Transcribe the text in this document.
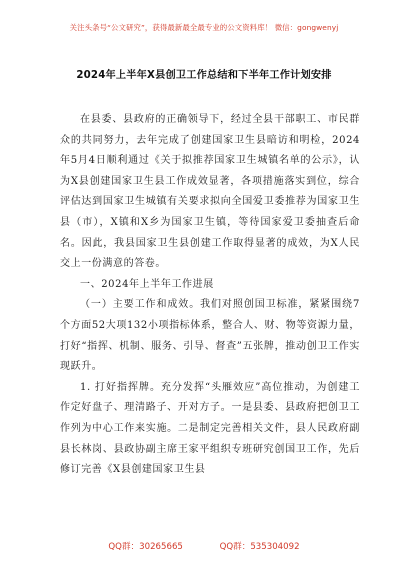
关注头条号“公文研究”，获得最新最全最专业的公文资料库！ 微信：gongwenyj
2024年上半年X县创卫工作总结和下半年工作计划安排

在县委、县政府的正确领导下，经过全县干部职工、市民群众的共同努力，去年完成了创建国家卫生县暗访和明检，2024年5月4日顺利通过《关于拟推荐国家卫生城镇名单的公示》，认为X县创建国家卫生县工作成效显著，各项措施落实到位，综合评估达到国家卫生城镇有关要求拟向全国爱卫委推荐为国家卫生县（市），X镇和X乡为国家卫生镇，等待国家爱卫委抽查后命名。因此，我县国家卫生县创建工作取得显著的成效，为X人民交上一份满意的答卷。

一、2024年上半年工作进展

（一）主要工作和成效。我们对照创国卫标准，紧紧围绕7个方面52大项132小项指标体系，整合人、财、物等资源力量，打好“指挥、机制、服务、引导、督查”五张牌，推动创卫工作实现跃升。

1. 打好指挥牌。充分发挥“头雁效应”高位推动，为创建工作定好盘子、理清路子、开对方子。一是县委、县政府把创卫工作列为中心工作来实施。二是制定完善相关文件，县人民政府副县长林岗、县政协副主席王家平组织专班研究创国卫工作，先后修订完善《X县创建国家卫生县

QQ群：30265665	QQ群：535304092
